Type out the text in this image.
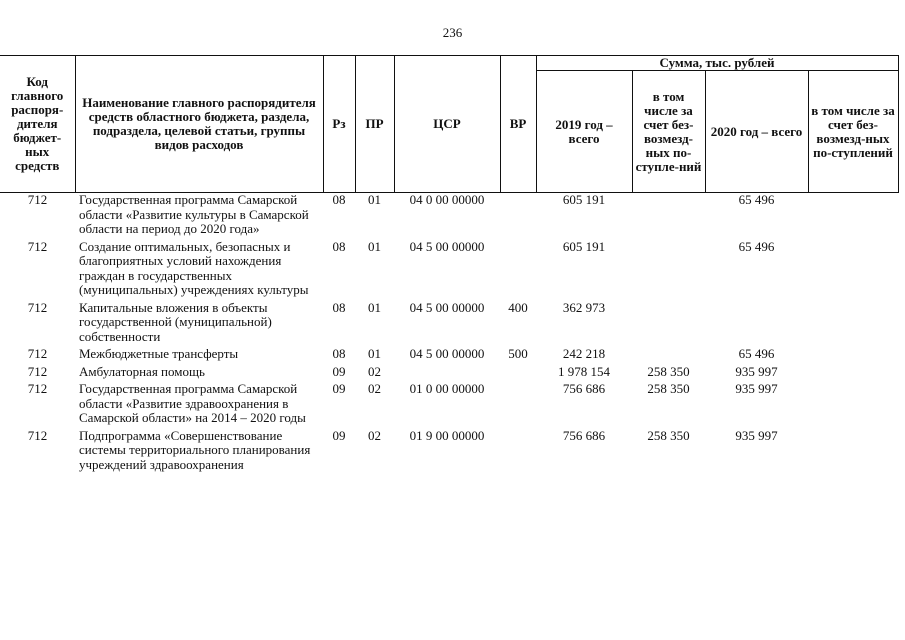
236
Код главного распоря-дителя бюджет-ных средств	Наименование главного распорядителя средств областного бюджета, раздела, подраздела, целевой статьи, группы видов расходов	Рз	ПР	ЦСР	ВР	Сумма, тыс. рублей			
						2019 год – всего	в том числе за счет без-возмезд-ных по-ступле-ний	2020 год – всего	в том числе за счет без-возмезд-ных по-ступлений
712	Государственная программа Самарской области «Развитие культуры в Самарской области на период до 2020 года»	08	01	04 0 00 00000		605 191		65 496	
712	Создание оптимальных, безопасных и благоприятных условий нахождения граждан в государственных (муниципальных) учреждениях культуры	08	01	04 5 00 00000		605 191		65 496	
712	Капитальные вложения в объекты государственной (муниципальной) собственности	08	01	04 5 00 00000	400	362 973			
712	Межбюджетные трансферты	08	01	04 5 00 00000	500	242 218		65 496	
712	Амбулаторная помощь	09	02			1 978 154	258 350	935 997	
712	Государственная программа Самарской области «Развитие здравоохранения в Самарской области» на 2014 – 2020 годы	09	02	01 0 00 00000		756 686	258 350	935 997	
712	Подпрограмма «Совершенствование системы территориального планирования учреждений здравоохранения	09	02	01 9 00 00000		756 686	258 350	935 997	
